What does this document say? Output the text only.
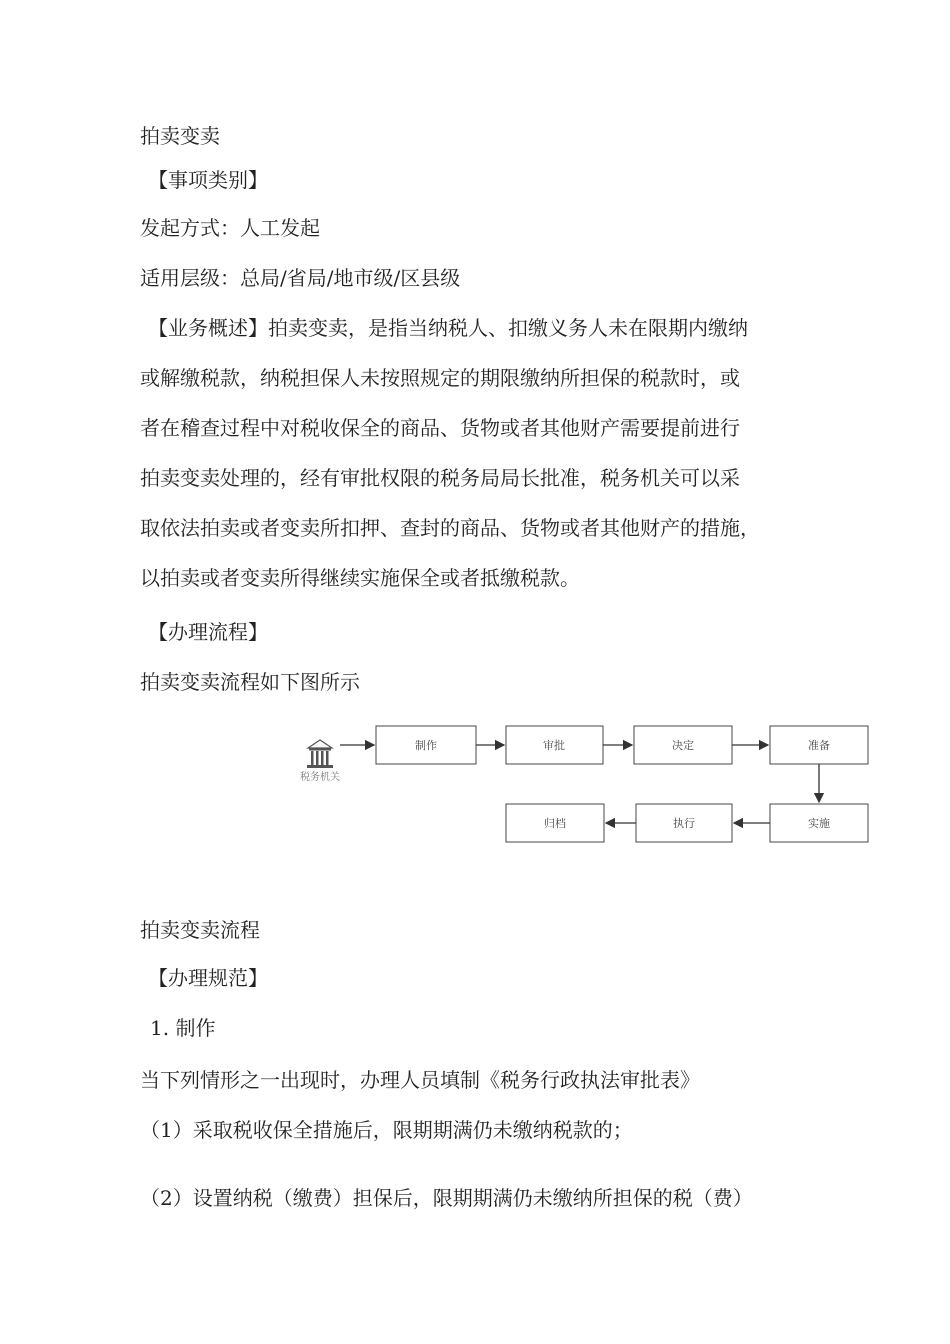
拍卖变卖
【事项类别】
发起方式：人工发起
适用层级：总局/省局/地市级/区县级
【业务概述】拍卖变卖，是指当纳税人、扣缴义务人未在限期内缴纳
或解缴税款，纳税担保人未按照规定的期限缴纳所担保的税款时，或
者在稽查过程中对税收保全的商品、货物或者其他财产需要提前进行
拍卖变卖处理的，经有审批权限的税务局局长批准，税务机关可以采
取依法拍卖或者变卖所扣押、查封的商品、货物或者其他财产的措施，
以拍卖或者变卖所得继续实施保全或者抵缴税款。
【办理流程】
拍卖变卖流程如下图所示
税务机关
制作	审批	决定	准备
实施
执行
归档
拍卖变卖流程
【办理规范】
1. 制作
当下列情形之一出现时，办理人员填制《税务行政执法审批表》
（1）采取税收保全措施后，限期期满仍未缴纳税款的；
（2）设置纳税（缴费）担保后，限期期满仍未缴纳所担保的税（费）
